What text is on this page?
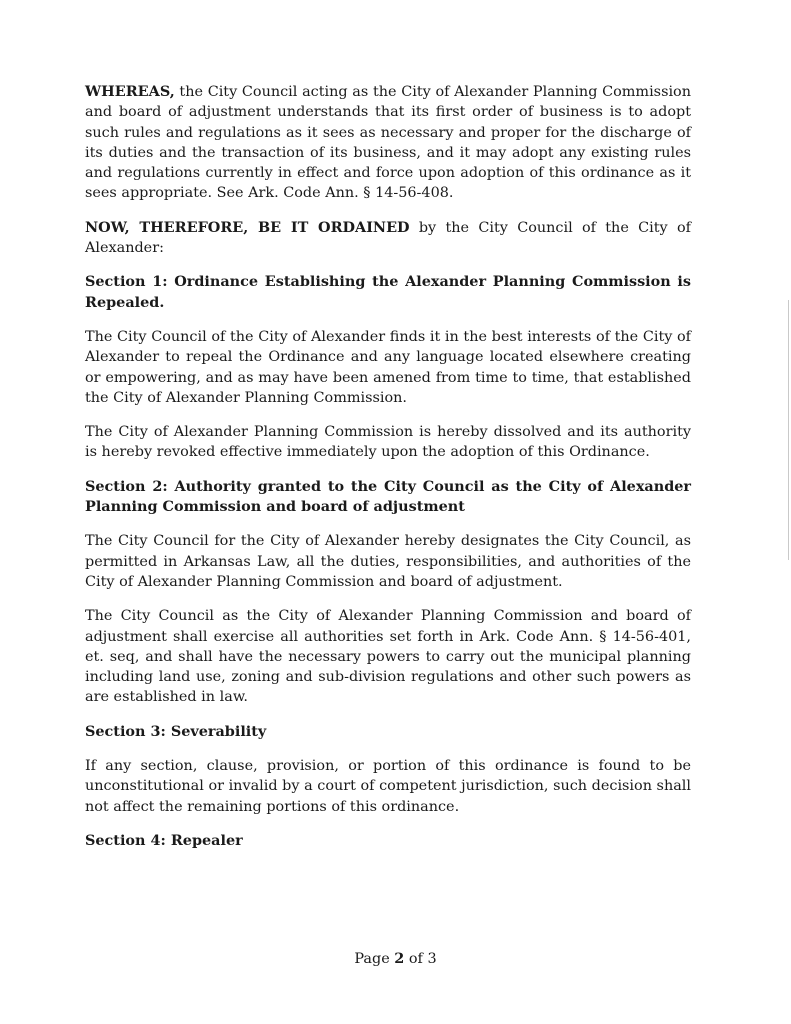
WHEREAS, the City Council acting as the City of Alexander Planning Commission and board of adjustment understands that its first order of business is to adopt such rules and regulations as it sees as necessary and proper for the discharge of its duties and the transaction of its business, and it may adopt any existing rules and regulations currently in effect and force upon adoption of this ordinance as it sees appropriate. See Ark. Code Ann. § 14-56-408.

NOW, THEREFORE, BE IT ORDAINED by the City Council of the City of Alexander:

Section 1: Ordinance Establishing the Alexander Planning Commission is Repealed.

The City Council of the City of Alexander finds it in the best interests of the City of Alexander to repeal the Ordinance and any language located elsewhere creating or empowering, and as may have been amened from time to time, that established the City of Alexander Planning Commission.

The City of Alexander Planning Commission is hereby dissolved and its authority is hereby revoked effective immediately upon the adoption of this Ordinance.

Section 2: Authority granted to the City Council as the City of Alexander Planning Commission and board of adjustment

The City Council for the City of Alexander hereby designates the City Council, as permitted in Arkansas Law, all the duties, responsibilities, and authorities of the City of Alexander Planning Commission and board of adjustment.

The City Council as the City of Alexander Planning Commission and board of adjustment shall exercise all authorities set forth in Ark. Code Ann. § 14-56-401, et. seq, and shall have the necessary powers to carry out the municipal planning including land use, zoning and sub-division regulations and other such powers as are established in law.

Section 3: Severability

If any section, clause, provision, or portion of this ordinance is found to be unconstitutional or invalid by a court of competent jurisdiction, such decision shall not affect the remaining portions of this ordinance.

Section 4: Repealer

Page 2 of 3
